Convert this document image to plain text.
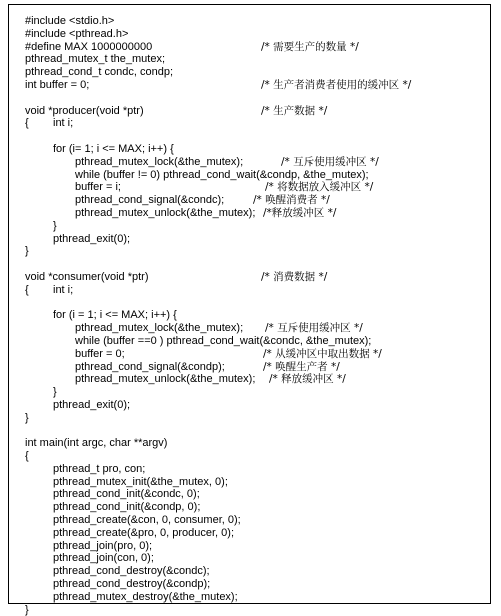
#include <stdio.h>
#include <pthread.h>
#define MAX 1000000000	/* 需要生产的数量 */
pthread_mutex_t the_mutex;
pthread_cond_t condc, condp;
int buffer = 0;	/* 生产者消费者使用的缓冲区 */
void *producer(void *ptr)	/* 生产数据 */
{ int i;
for (i= 1; i <= MAX; i++) {
pthread_mutex_lock(&the_mutex);	/* 互斥使用缓冲区 */
while (buffer != 0) pthread_cond_wait(&condp, &the_mutex);
buffer = i;	/* 将数据放入缓冲区 */
pthread_cond_signal(&condc);	/* 唤醒消费者 */
pthread_mutex_unlock(&the_mutex); /*释放缓冲区 */
}
pthread_exit(0);
}
void *consumer(void *ptr)	/* 消费数据 */
{ int i;
for (i = 1; i <= MAX; i++) {
pthread_mutex_lock(&the_mutex); /* 互斥使用缓冲区 */
while (buffer ==0 ) pthread_cond_wait(&condc, &the_mutex);
buffer = 0;	/* 从缓冲区中取出数据 */
pthread_cond_signal(&condp);	/* 唤醒生产者 */
pthread_mutex_unlock(&the_mutex); /* 释放缓冲区 */
}
pthread_exit(0);
}
int main(int argc, char **argv)
{
pthread_t pro, con;
pthread_mutex_init(&the_mutex, 0);
pthread_cond_init(&condc, 0);
pthread_cond_init(&condp, 0);
pthread_create(&con, 0, consumer, 0);
pthread_create(&pro, 0, producer, 0);
pthread_join(pro, 0);
pthread_join(con, 0);
pthread_cond_destroy(&condc);
pthread_cond_destroy(&condp);
pthread_mutex_destroy(&the_mutex);
}
